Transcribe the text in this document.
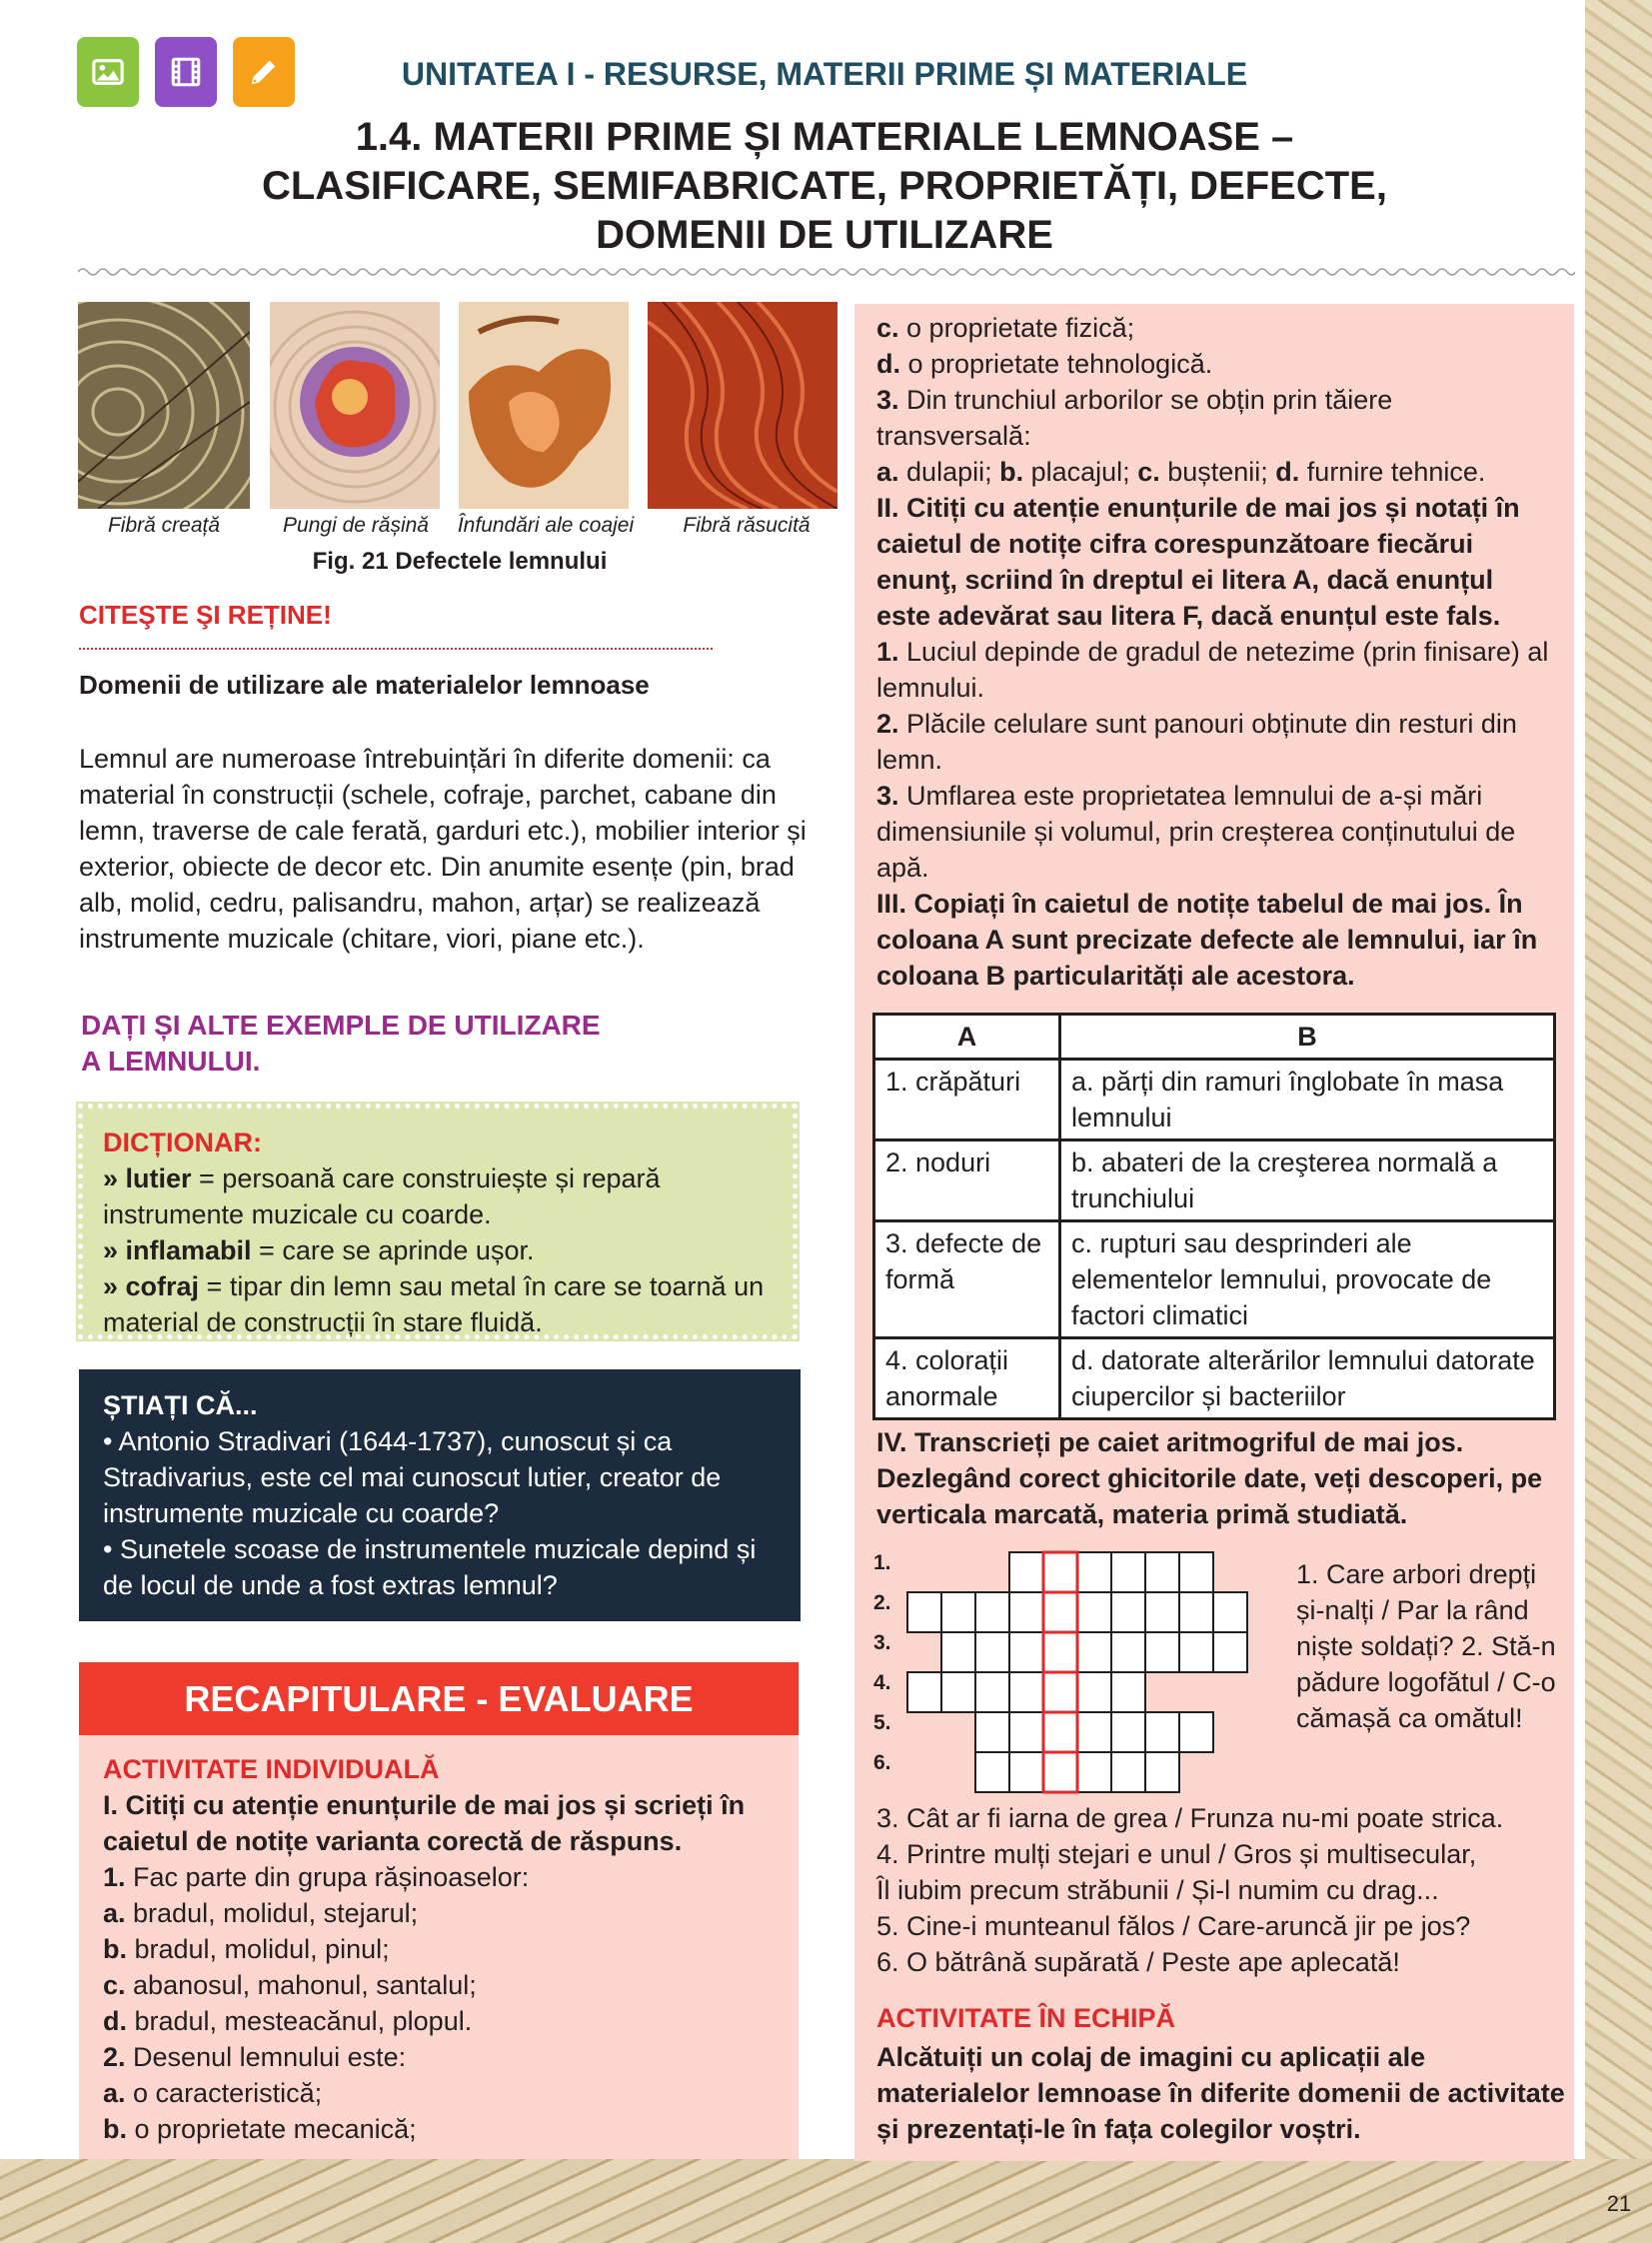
21
UNITATEA I - RESURSE, MATERII PRIME ȘI MATERIALE
1.4. MATERII PRIME ȘI MATERIALE LEMNOASE –
CLASIFICARE, SEMIFABRICATE, PROPRIETĂȚI, DEFECTE,
DOMENII DE UTILIZARE
Fibră creață	Pungi de rășină	Înfundări ale coajei	Fibră răsucită
Fig. 21 Defectele lemnului
CITEŞTE ŞI REȚINE!
Domenii de utilizare ale materialelor lemnoase
Lemnul are numeroase întrebuințări în diferite domenii: ca material în construcții (schele, cofraje, parchet, cabane din lemn, traverse de cale ferată, garduri etc.), mobilier interior și exterior, obiecte de decor etc. Din anumite esențe (pin, brad alb, molid, cedru, palisandru, mahon, arțar) se realizează instrumente muzicale (chitare, viori, piane etc.).
DAȚI ȘI ALTE EXEMPLE DE UTILIZARE
A LEMNULUI.
DICȚIONAR:
» lutier = persoană care construiește și repară instrumente muzicale cu coarde.
» inflamabil = care se aprinde ușor.
» cofraj = tipar din lemn sau metal în care se toarnă un material de construcții în stare fluidă.
ȘTIAȚI CĂ...
• Antonio Stradivari (1644-1737), cunoscut și ca Stradivarius, este cel mai cunoscut lutier, creator de instrumente muzicale cu coarde?
• Sunetele scoase de instrumentele muzicale depind și de locul de unde a fost extras lemnul?
RECAPITULARE - EVALUARE
ACTIVITATE INDIVIDUALĂ
I. Citiți cu atenție enunțurile de mai jos și scrieți în caietul de notițe varianta corectă de răspuns.
1. Fac parte din grupa rășinoaselor:
a. bradul, molidul, stejarul;
b. bradul, molidul, pinul;
c. abanosul, mahonul, santalul;
d. bradul, mesteacănul, plopul.
2. Desenul lemnului este:
a. o caracteristică;
b. o proprietate mecanică;
c. o proprietate fizică;
d. o proprietate tehnologică.
3. Din trunchiul arborilor se obțin prin tăiere transversală:
a. dulapii; b. placajul; c. buștenii; d. furnire tehnice.
II. Citiți cu atenție enunțurile de mai jos și notați în caietul de notițe cifra corespunzătoare fiecărui enunţ, scriind în dreptul ei litera A, dacă enunțul este adevărat sau litera F, dacă enunțul este fals.
1. Luciul depinde de gradul de netezime (prin finisare) al lemnului.
2. Plăcile celulare sunt panouri obținute din resturi din lemn.
3. Umflarea este proprietatea lemnului de a-și mări dimensiunile și volumul, prin creșterea conținutului de apă.
III. Copiați în caietul de notițe tabelul de mai jos. În coloana A sunt precizate defecte ale lemnului, iar în coloana B particularități ale acestora.
A	B
1. crăpături	a. părți din ramuri înglobate în masa lemnului
2. noduri	b. abateri de la creşterea normală a trunchiului
3. defecte de formă	c. rupturi sau desprinderi ale elementelor lemnului, provocate de factori climatici
4. colorații anormale	d. datorate alterărilor lemnului datorate ciupercilor și bacteriilor
IV. Transcrieți pe caiet aritmogriful de mai jos. Dezlegând corect ghicitorile date, veți descoperi, pe verticala marcată, materia primă studiată.
1.
2.
3.
4.
5.
6.
1. Care arbori drepți și-nalți / Par la rând niște soldați? 2. Stă-n pădure logofătul / C-o cămașă ca omătul!
3. Cât ar fi iarna de grea / Frunza nu-mi poate strica.
4. Printre mulți stejari e unul / Gros și multisecular,
Îl iubim precum străbunii / Și-l numim cu drag...
5. Cine-i munteanul fălos / Care-aruncă jir pe jos?
6. O bătrână supărată / Peste ape aplecată!
ACTIVITATE ÎN ECHIPĂ
Alcătuiți un colaj de imagini cu aplicații ale materialelor lemnoase în diferite domenii de activitate și prezentați-le în fața colegilor voștri.
